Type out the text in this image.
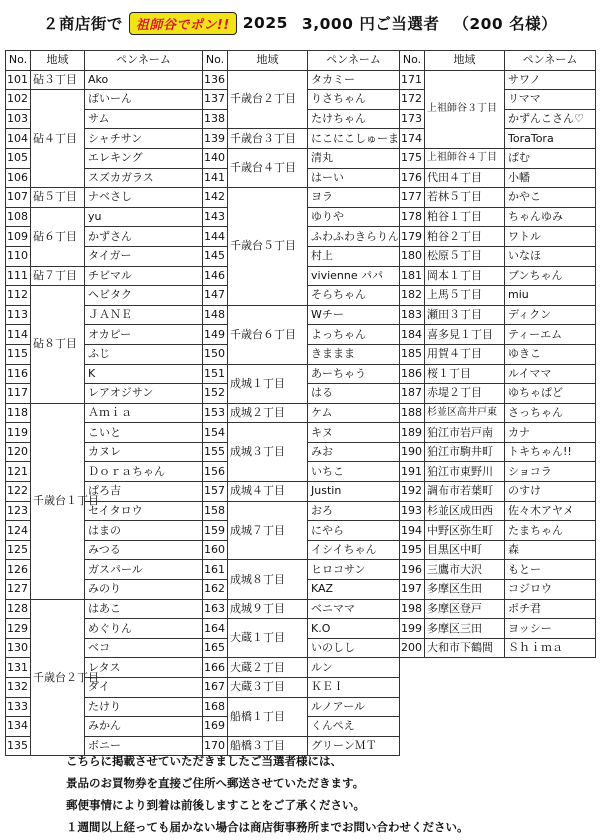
２商店街で	祖師谷でポン!! 2025 3,000 円ご当選者 （200 名様）
No.	地域	ペンネーム
101	砧３丁目	Ako
102	砧４丁目	ぱいーん
103		サム
104		シャチサン
105		エレキング
106		スズカガラス
107	砧５丁目	ナベさし
108	砧６丁目	yu
109		かずさん
110		タイガー
111	砧７丁目	チビマル
112	砧８丁目	ヘビタク
113		ＪＡＮＥ
114		オカピー
115		ふじ
116		K
117		レアオジサン
118	千歳台１丁目	Ａｍｉａ
119		こいと
120		カヌレ
121		Ｄｏｒａちゃん
122		ぱろ吉
123		セイタロウ
124		はまの
125		みつる
126		ガスパール
127		みのり
128	千歳台２丁目	はあこ
129		めぐりん
130		ベコ
131		レタス
132		ダイ
133		たけり
134		みかん
135		ボニー
No.	地域	ペンネーム
136	千歳台２丁目	タカミー
137		りさちゃん
138		たけちゃん
139	千歳台３丁目	にこにこしゅーま
140	千歳台４丁目	清丸
141		はーい
142	千歳台５丁目	ヨラ
143		ゆりや
144		ふわふわきらりん
145		村上
146		vivienne パパ
147		そらちゃん
148	千歳台６丁目	Wチー
149		よっちゃん
150		きままま
151	成城１丁目	あーちゃう
152		はる
153	成城２丁目	ケム
154	成城３丁目	キヌ
155		みお
156		いちこ
157	成城４丁目	Justin
158	成城７丁目	おろ
159		にやら
160		イシイちゃん
161	成城８丁目	ヒロコサン
162		KAZ
163	成城９丁目	ベニママ
164	大蔵１丁目	K.O
165		いのしし
166	大蔵２丁目	ルン
167	大蔵３丁目	ＫＥＩ
168	船橋１丁目	ルノアール
169		くんぺえ
170	船橋３丁目	グリーンＭＴ
No.	地域	ペンネーム
171	上祖師谷３丁目	サワノ
172		リママ
173		かずんこさん♡
174		ToraTora
175	上祖師谷４丁目	ぱむ
176	代田４丁目	小幡
177	若林５丁目	かやこ
178	粕谷１丁目	ちゃんゆみ
179	粕谷２丁目	ワトル
180	松原５丁目	いなほ
181	岡本１丁目	ブンちゃん
182	上馬５丁目	miu
183	瀬田３丁目	ディクン
184	喜多見１丁目	ティーエム
185	用賀４丁目	ゆきこ
186	桜１丁目	ルイママ
187	赤堤２丁目	ゆちゃぱど
188	杉並区高井戸東	さっちゃん
189	狛江市岩戸南	カナ
190	狛江市駒井町	トキちゃん!!
191	狛江市東野川	ショコラ
192	調布市若葉町	のすけ
193	杉並区成田西	佐々木アヤメ
194	中野区弥生町	たまちゃん
195	目黒区中町	森
196	三鷹市大沢	もとー
197	多摩区生田	コジロウ
198	多摩区登戸	ポチ君
199	多摩区三田	ヨッシー
200	大和市下鶴間	Ｓｈｉｍａ
こちらに掲載させていただきましたご当選者様には、
景品のお買物券を直接ご住所へ郵送させていただきます。
郵便事情により到着は前後しますことをご了承ください。
１週間以上経っても届かない場合は商店街事務所までお問い合わせください。
